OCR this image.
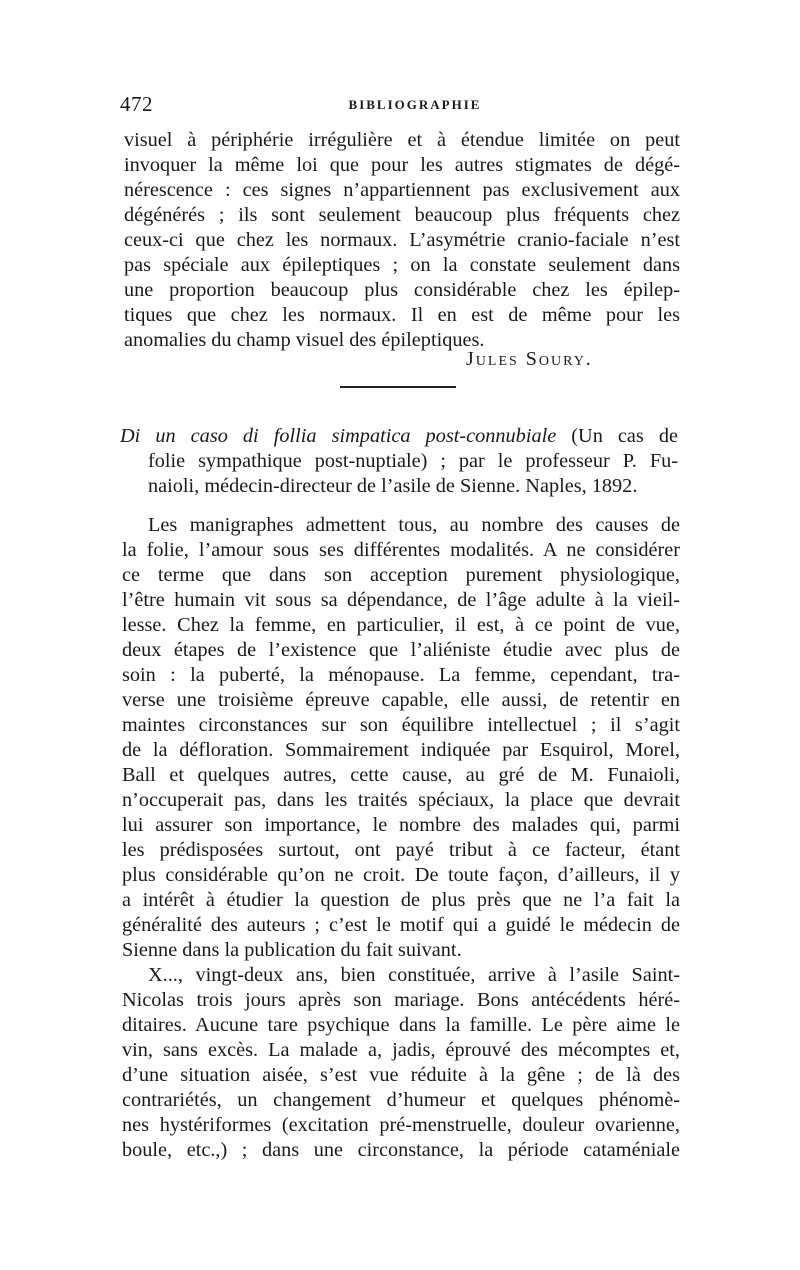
472	BIBLIOGRAPHIE
visuel à périphérie irrégulière et à étendue limitée on peut
invoquer la même loi que pour les autres stigmates de dégé-
nérescence : ces signes n’appartiennent pas exclusivement aux
dégénérés ; ils sont seulement beaucoup plus fréquents chez
ceux-ci que chez les normaux. L’asymétrie cranio-faciale n’est
pas spéciale aux épileptiques ; on la constate seulement dans
une proportion beaucoup plus considérable chez les épilep-
tiques que chez les normaux. Il en est de même pour les
anomalies du champ visuel des épileptiques.
Jules Soury.
Di un caso di follia simpatica post-connubiale (Un cas de
folie sympathique post-nuptiale) ; par le professeur P. Fu-
naioli, médecin-directeur de l’asile de Sienne. Naples, 1892.
Les manigraphes admettent tous, au nombre des causes de
la folie, l’amour sous ses différentes modalités. A ne considérer
ce terme que dans son acception purement physiologique,
l’être humain vit sous sa dépendance, de l’âge adulte à la vieil-
lesse. Chez la femme, en particulier, il est, à ce point de vue,
deux étapes de l’existence que l’aliéniste étudie avec plus de
soin : la puberté, la ménopause. La femme, cependant, tra-
verse une troisième épreuve capable, elle aussi, de retentir en
maintes circonstances sur son équilibre intellectuel ; il s’agit
de la défloration. Sommairement indiquée par Esquirol, Morel,
Ball et quelques autres, cette cause, au gré de M. Funaioli,
n’occuperait pas, dans les traités spéciaux, la place que devrait
lui assurer son importance, le nombre des malades qui, parmi
les prédisposées surtout, ont payé tribut à ce facteur, étant
plus considérable qu’on ne croit. De toute façon, d’ailleurs, il y
a intérêt à étudier la question de plus près que ne l’a fait la
généralité des auteurs ; c’est le motif qui a guidé le médecin de
Sienne dans la publication du fait suivant.
X..., vingt-deux ans, bien constituée, arrive à l’asile Saint-
Nicolas trois jours après son mariage. Bons antécédents héré-
ditaires. Aucune tare psychique dans la famille. Le père aime le
vin, sans excès. La malade a, jadis, éprouvé des mécomptes et,
d’une situation aisée, s’est vue réduite à la gêne ; de là des
contrariétés, un changement d’humeur et quelques phénomè-
nes hystériformes (excitation pré-menstruelle, douleur ovarienne,
boule, etc.,) ; dans une circonstance, la période cataméniale
